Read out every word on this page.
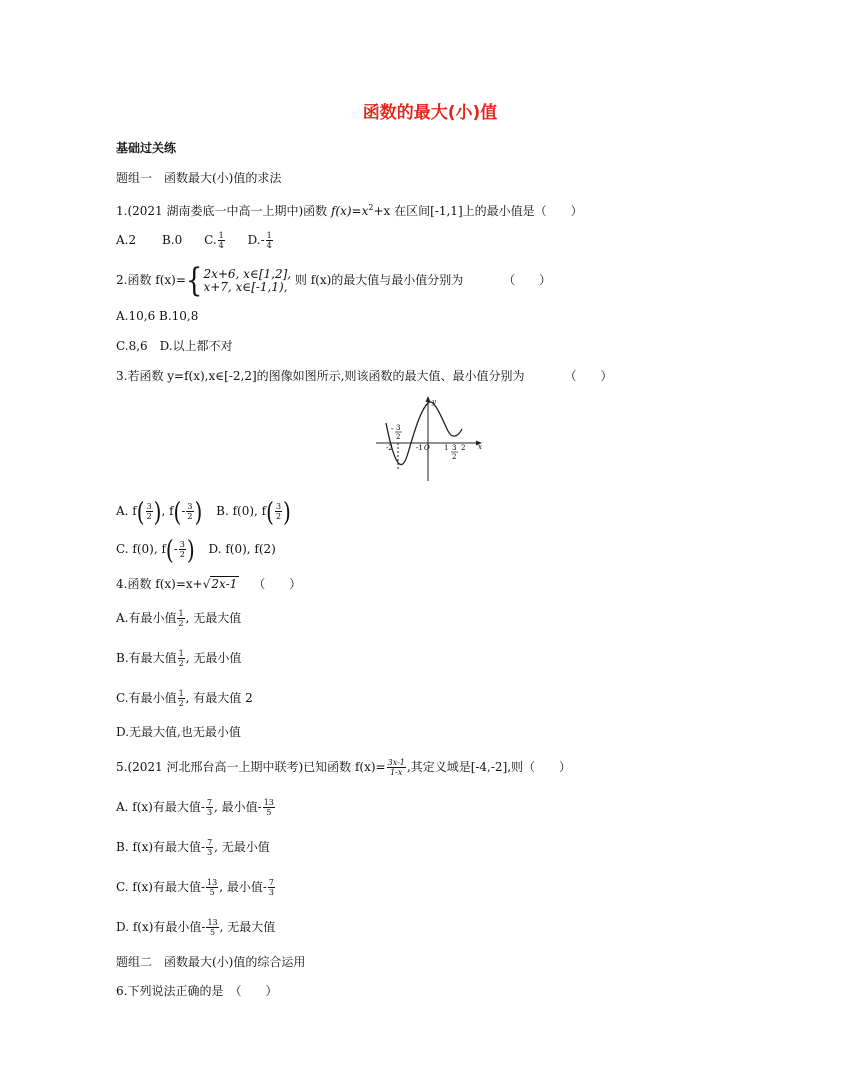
函数的最大(小)值
基础过关练
题组一　函数最大(小)值的求法
1.(2021 湖南娄底一中高一上期中)函数 $f(x)=x^2+x$ 在区间[-1,1]上的最小值是（　　）
A.2 B.0 C. $\frac{1}{4} D.- \frac{1}{4}$
2.函数 f(x)={ 2x+6, x∈[1,2],
x+7, x∈[-1,1), 则 f(x)的最大值与最小值分别为	（　　）
A.10,6 B.10,8
C.8,6　D.以上都不对
3.若函数 y=f(x),x∈[-2,2]的图像如图所示,则该函数的最大值、最小值分别为	（　　）
y
x
- 3
2
-2	-1 O 1 3
2
2
A. $f( \frac{3}{2}$ ), $f(- \frac{3}{2}$ ) B. f(0), $f( \frac{3}{2}$ )
C. f(0), $f(- \frac{3}{2}$ ) D. f(0), f(2)
4.函数 f(x)=x+√2x-1 （　　）
A.有最小值 $\frac{1}{2}$ , 无最大值
B.有最大值 $\frac{1}{2}$ , 无最小值
C.有最小值 $\frac{1}{2}$ , 有最大值 2
D.无最大值,也无最小值
5.(2021 河北邢台高一上期中联考)已知函数 $f(x)= \frac{3x-1}{1-x}$ ,其定义域是[-4,-2],则（　　）
A. f(x)有最大值- $\frac{7}{3}$ , 最小值- $\frac{13}{5}$
B. f(x)有最大值- $\frac{7}{3}$ , 无最小值
C. f(x)有最大值- $\frac{13}{5}$ , 最小值- $\frac{7}{3}$
D. f(x)有最小值- $\frac{13}{5}$ , 无最大值
题组二　函数最大(小)值的综合运用
6.下列说法正确的是　（　　）
